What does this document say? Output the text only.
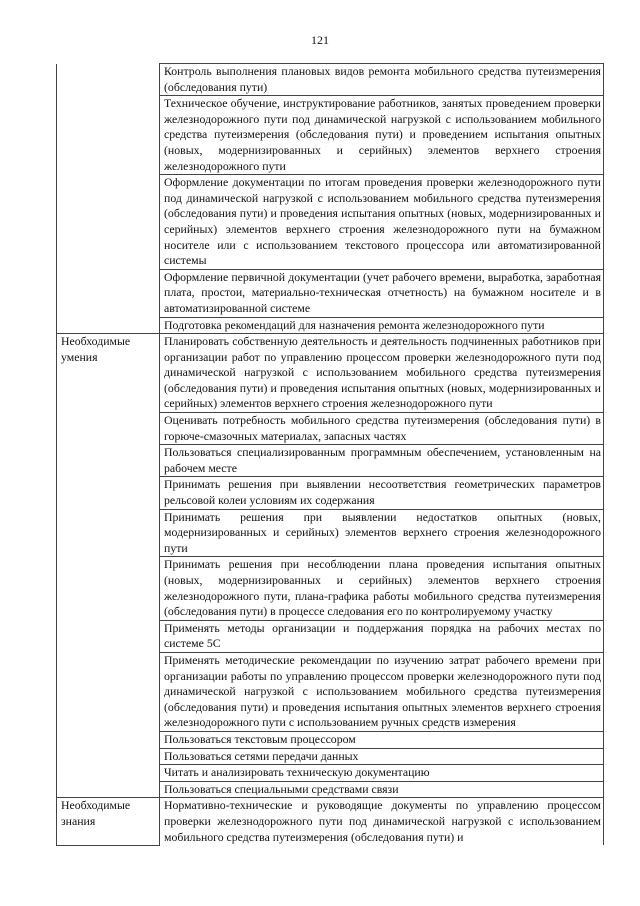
121
	Контроль выполнения плановых видов ремонта мобильного средства путеизмерения (обследования пути)
	Техническое обучение, инструктирование работников, занятых проведением проверки железнодорожного пути под динамической нагрузкой с использованием мобильного средства путеизмерения (обследования пути) и проведением испытания опытных (новых, модернизированных и серийных) элементов верхнего строения железнодорожного пути
	Оформление документации по итогам проведения проверки железнодорожного пути под динамической нагрузкой с использованием мобильного средства путеизмерения (обследования пути) и проведения испытания опытных (новых, модернизированных и серийных) элементов верхнего строения железнодорожного пути на бумажном носителе или с использованием текстового процессора или автоматизированной системы
	Оформление первичной документации (учет рабочего времени, выработка, заработная плата, простои, материально-техническая отчетность) на бумажном носителе и в автоматизированной системе
	Подготовка рекомендаций для назначения ремонта железнодорожного пути
Необходимые умения	Планировать собственную деятельность и деятельность подчиненных работников при организации работ по управлению процессом проверки железнодорожного пути под динамической нагрузкой с использованием мобильного средства путеизмерения (обследования пути) и проведения испытания опытных (новых, модернизированных и серийных) элементов верхнего строения железнодорожного пути
	Оценивать потребность мобильного средства путеизмерения (обследования пути) в горюче-смазочных материалах, запасных частях
	Пользоваться специализированным программным обеспечением, установленным на рабочем месте
	Принимать решения при выявлении несоответствия геометрических параметров рельсовой колеи условиям их содержания
	Принимать решения при выявлении недостатков опытных (новых, модернизированных и серийных) элементов верхнего строения железнодорожного пути
	Принимать решения при несоблюдении плана проведения испытания опытных (новых, модернизированных и серийных) элементов верхнего строения железнодорожного пути, плана-графика работы мобильного средства путеизмерения (обследования пути) в процессе следования его по контролируемому участку
	Применять методы организации и поддержания порядка на рабочих местах по системе 5С
	Применять методические рекомендации по изучению затрат рабочего времени при организации работы по управлению процессом проверки железнодорожного пути под динамической нагрузкой с использованием мобильного средства путеизмерения (обследования пути) и проведения испытания опытных элементов верхнего строения железнодорожного пути с использованием ручных средств измерения
	Пользоваться текстовым процессором
	Пользоваться сетями передачи данных
	Читать и анализировать техническую документацию
	Пользоваться специальными средствами связи
Необходимые знания	Нормативно-технические и руководящие документы по управлению процессом проверки железнодорожного пути под динамической нагрузкой с использованием мобильного средства путеизмерения (обследования пути) и
